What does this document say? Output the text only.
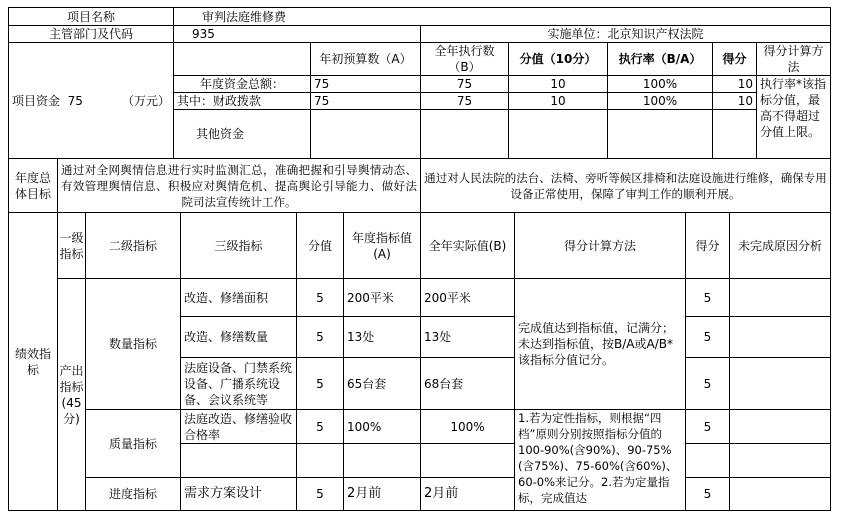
项目名称		审判法庭维修费						
主管部门及代码		935		实施单位：北京知识产权法院				
项目资金 75 （万元）			年初预算数（A）	全年执行数（B）	分值（10分）	执行率（B/A）	得分	得分计算方法
		年度资金总额：	75	75	10	100%	10	执行率*该指标分值，最高不得超过分值上限。
		其中：财政拨款	75	75	10	100%	10	
		其他资金						
年度总体目标	通过对全网舆情信息进行实时监测汇总，准确把握和引导舆情动态、有效管理舆情信息、积极应对舆情危机、提高舆论引导能力、做好法院司法宣传统计工作。			通过对人民法院的法台、法椅、旁听等候区排椅和法庭设施进行维修，确保专用设备正常使用，保障了审判工作的顺利开展。				
绩效指标	一级指标	二级指标	三级指标	分值	年度指标值(A)	全年实际值(B)	得分计算方法	得分	未完成原因分析
	产出指标(45分)	数量指标	改造、修缮面积	5	200平米	200平米	完成值达到指标值，记满分；未达到指标值，按B/A或A/B*该指标分值记分。	5	
			改造、修缮数量	5	13处	13处		5	
			法庭设备、门禁系统设备、广播系统设备、会议系统等	5	65台套	68台套		5	
		质量指标	法庭改造、修缮验收合格率	5	100%	100%	1.若为定性指标，则根据“四档”原则分别按照指标分值的100-90%(含90%)、90-75%(含75%)、75-60%(含60%)、60-0%来记分。2.若为定量指标，完成值达	5	

		进度指标	需求方案设计	5	2月前	2月前		5	
